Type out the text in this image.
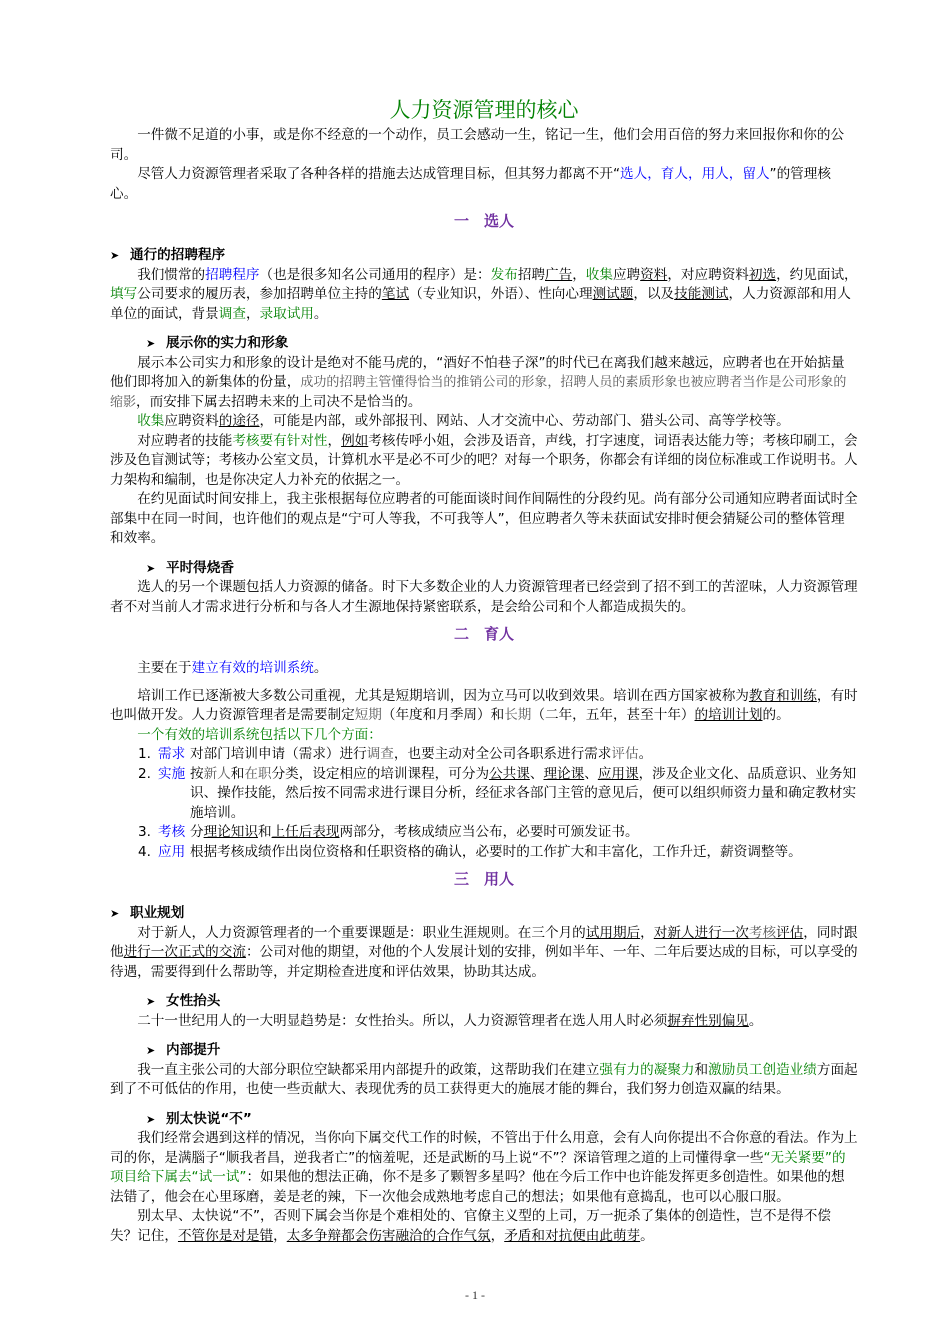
人力资源管理的核心

一件微不足道的小事，或是你不经意的一个动作，员工会感动一生，铭记一生，他们会用百倍的努力来回报你和你的公司。

尽管人力资源管理者采取了各种各样的措施去达成管理目标，但其努力都离不开“选人，育人，用人，留人”的管理核心。

一　选人
➤ 通行的招聘程序

我们惯常的招聘程序（也是很多知名公司通用的程序）是：发布招聘广告，收集应聘资料，对应聘资料初选，约见面试，填写公司要求的履历表，参加招聘单位主持的笔试（专业知识，外语）、性向心理测试题，以及技能测试，人力资源部和用人单位的面试，背景调查，录取试用。

➤ 展示你的实力和形象

展示本公司实力和形象的设计是绝对不能马虎的，“酒好不怕巷子深”的时代已在离我们越来越远，应聘者也在开始掂量他们即将加入的新集体的份量，成功的招聘主管懂得恰当的推销公司的形象，招聘人员的素质形象也被应聘者当作是公司形象的缩影，而安排下属去招聘未来的上司决不是恰当的。

收集应聘资料的途径，可能是内部，或外部报刊、网站、人才交流中心、劳动部门、猎头公司、高等学校等。

对应聘者的技能考核要有针对性，例如考核传呼小姐，会涉及语音，声线，打字速度，词语表达能力等；考核印刷工，会涉及色盲测试等；考核办公室文员，计算机水平是必不可少的吧？对每一个职务，你都会有详细的岗位标准或工作说明书。人力架构和编制，也是你决定人力补充的依据之一。

在约见面试时间安排上，我主张根据每位应聘者的可能面谈时间作间隔性的分段约见。尚有部分公司通知应聘者面试时全部集中在同一时间，也许他们的观点是“宁可人等我，不可我等人”，但应聘者久等未获面试安排时便会猜疑公司的整体管理和效率。

➤ 平时得烧香

选人的另一个课题包括人力资源的储备。时下大多数企业的人力资源管理者已经尝到了招不到工的苦涩味，人力资源管理者不对当前人才需求进行分析和与各人才生源地保持紧密联系，是会给公司和个人都造成损失的。

二　育人

主要在于建立有效的培训系统。

培训工作已逐渐被大多数公司重视，尤其是短期培训，因为立马可以收到效果。培训在西方国家被称为教育和训练，有时也叫做开发。人力资源管理者是需要制定短期（年度和月季周）和长期（二年，五年，甚至十年）的培训计划的。

一个有效的培训系统包括以下几个方面：

1. 需求 对部门培训申请（需求）进行调查，也要主动对全公司各职系进行需求评估。
2. 实施 按新人和在职分类，设定相应的培训课程，可分为公共课、理论课、应用课，涉及企业文化、品质意识、业务知识、操作技能，然后按不同需求进行课目分析，经征求各部门主管的意见后，便可以组织师资力量和确定教材实施培训。
3. 考核 分理论知识和上任后表现两部分，考核成绩应当公布，必要时可颁发证书。
4. 应用 根据考核成绩作出岗位资格和任职资格的确认，必要时的工作扩大和丰富化，工作升迁，薪资调整等。
三　用人
➤ 职业规划

对于新人，人力资源管理者的一个重要课题是：职业生涯规则。在三个月的试用期后，对新人进行一次考核评估，同时跟他进行一次正式的交流：公司对他的期望，对他的个人发展计划的安排，例如半年、一年、二年后要达成的目标，可以享受的待遇，需要得到什么帮助等，并定期检查进度和评估效果，协助其达成。

➤ 女性抬头

二十一世纪用人的一大明显趋势是：女性抬头。所以，人力资源管理者在选人用人时必须摒弃性别偏见。

➤ 内部提升

我一直主张公司的大部分职位空缺都采用内部提升的政策，这帮助我们在建立强有力的凝聚力和激励员工创造业绩方面起到了不可低估的作用，也使一些贡献大、表现优秀的员工获得更大的施展才能的舞台，我们努力创造双赢的结果。

➤ 别太快说“不”

我们经常会遇到这样的情况，当你向下属交代工作的时候，不管出于什么用意，会有人向你提出不合你意的看法。作为上司的你，是满腦子“顺我者昌，逆我者亡”的恼羞呢，还是武断的马上说“不”？深谙管理之道的上司懂得拿一些“无关紧要”的项目给下属去“试一试”：如果他的想法正确，你不是多了颗智多星吗？他在今后工作中也许能发挥更多创造性。如果他的想法错了，他会在心里琢磨，姜是老的辣，下一次他会成熟地考虑自己的想法；如果他有意捣乱，也可以心服口服。

别太早、太快说“不”，否则下属会当你是个难相处的、官僚主义型的上司，万一扼杀了集体的创造性，岂不是得不偿失？记住，不管你是对是错，太多争辩都会伤害融洽的合作气氛，矛盾和对抗便由此萌芽。

- 1 -
